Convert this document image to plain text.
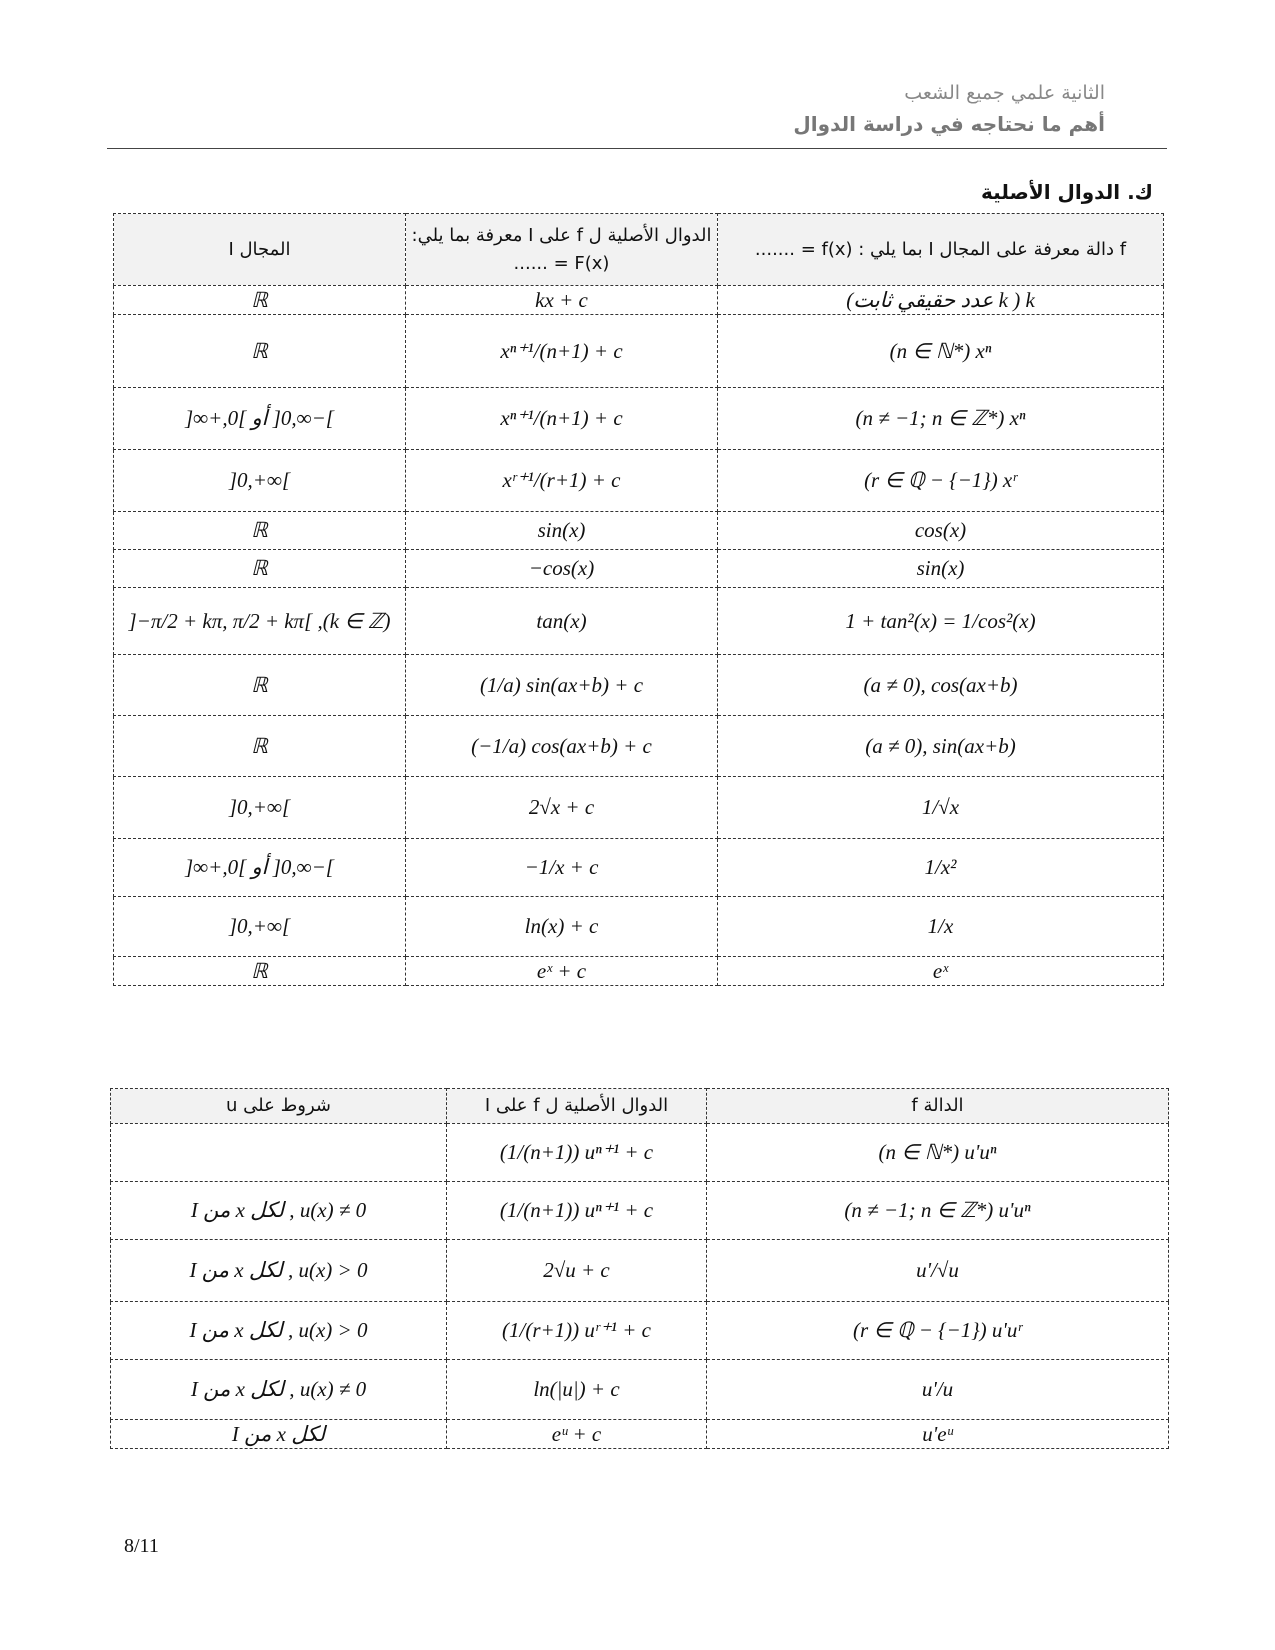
الثانية علمي جميع الشعب
أهم ما نحتاجه في دراسة الدوال
ك. الدوال الأصلية
المجال I	الدوال الأصلية ل f على I معرفة بما يلي: F(x) = ......	f دالة معرفة على المجال I بما يلي : f(x) = .......
ℝ	kx + c	k ( k عدد حقيقي ثابت)
ℝ	xⁿ⁺¹/(n+1) + c	(n ∈ ℕ*) xⁿ
]−∞,0[ أو ]0,+∞[	xⁿ⁺¹/(n+1) + c	(n ≠ −1; n ∈ ℤ*) xⁿ
]0,+∞[	xʳ⁺¹/(r+1) + c	(r ∈ ℚ − {−1}) xʳ
ℝ	sin(x)	cos(x)
ℝ	−cos(x)	sin(x)
]−π/2 + kπ, π/2 + kπ[ ,(k ∈ ℤ)	tan(x)	1 + tan²(x) = 1/cos²(x)
ℝ	(1/a) sin(ax+b) + c	(a ≠ 0), cos(ax+b)
ℝ	(−1/a) cos(ax+b) + c	(a ≠ 0), sin(ax+b)
]0,+∞[	2√x + c	1/√x
]−∞,0[ أو ]0,+∞[	−1/x + c	1/x²
]0,+∞[	ln(x) + c	1/x
ℝ	eˣ + c	eˣ
شروط على u	الدوال الأصلية ل f على I	الدالة f
	(1/(n+1)) uⁿ⁺¹ + c	(n ∈ ℕ*) u'uⁿ
u(x) ≠ 0 , لكل x من I	(1/(n+1)) uⁿ⁺¹ + c	(n ≠ −1; n ∈ ℤ*) u'uⁿ
u(x) > 0 , لكل x من I	2√u + c	u'/√u
u(x) > 0 , لكل x من I	(1/(r+1)) uʳ⁺¹ + c	(r ∈ ℚ − {−1}) u'uʳ
u(x) ≠ 0 , لكل x من I	ln(|u|) + c	u'/u
لكل x من I	eᵘ + c	u'eᵘ
8/11
